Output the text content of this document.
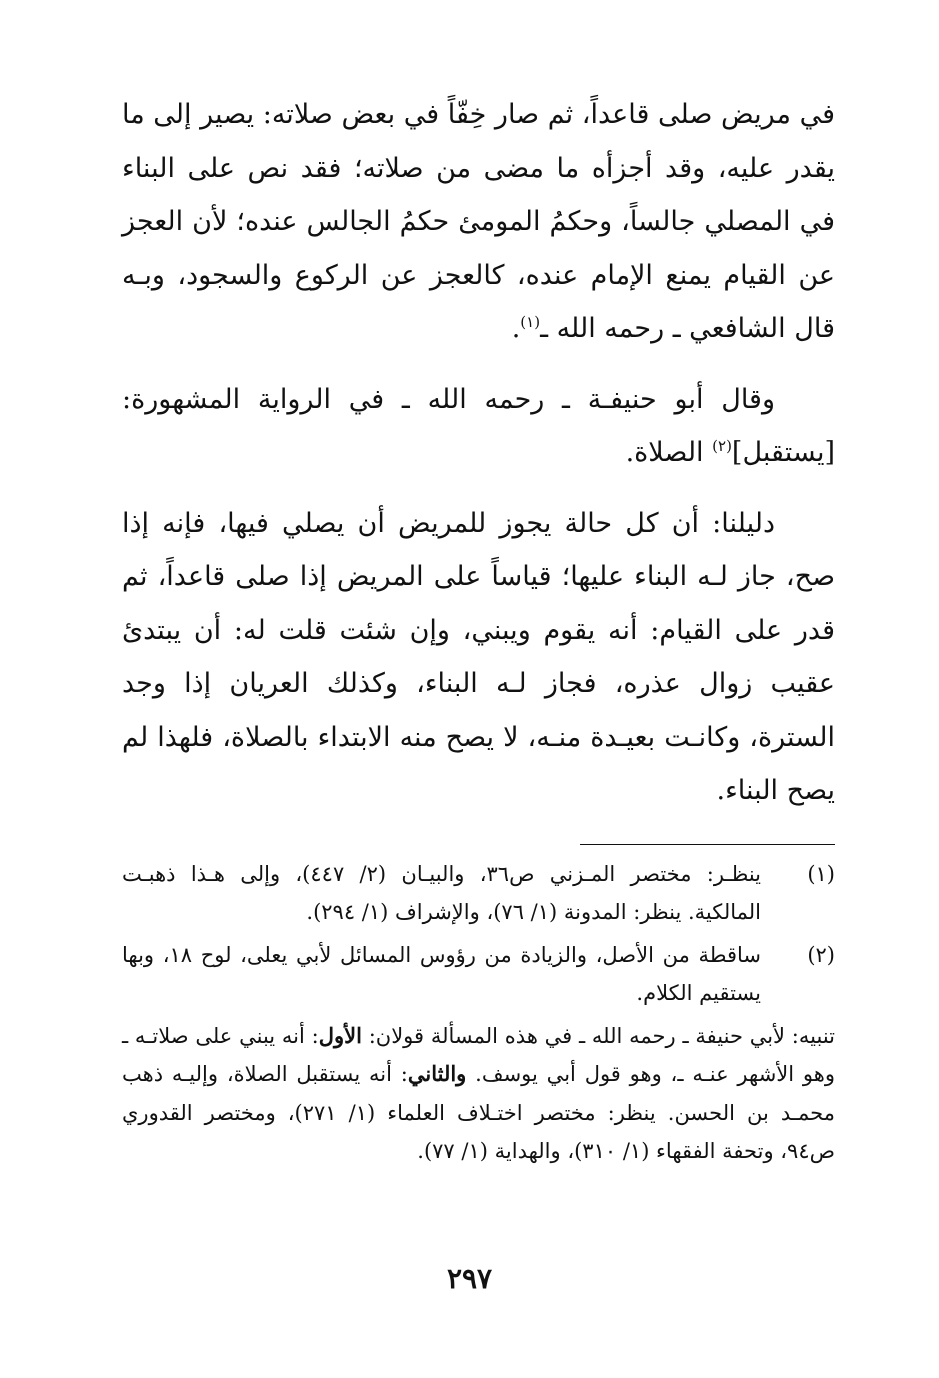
في مريض صلى قاعداً، ثم صار خِفّاً في بعض صلاته: يصير إلى ما يقدر عليه، وقد أجزأه ما مضى من صلاته؛ فقد نص على البناء في المصلي جالساً، وحكمُ المومئ حكمُ الجالس عنده؛ لأن العجز عن القيام يمنع الإمام عنده، كالعجز عن الركوع والسجود، وبـه قال الشافعي ـ رحمه الله ـ$^{(١)}$.

وقال أبو حنيفـة ـ رحمه الله ـ في الرواية المشهورة: [يستقبل]$^{(٢)}$ الصلاة.

دليلنا: أن كل حالة يجوز للمريض أن يصلي فيها، فإنه إذا صح، جاز لـه البناء عليها؛ قياساً على المريض إذا صلى قاعداً، ثم قدر على القيام: أنه يقوم ويبني، وإن شئت قلت له: أن يبتدئ عقيب زوال عذره، فجاز لـه البناء، وكذلك العريان إذا وجد السترة، وكانـت بعيـدة منـه، لا يصح منه الابتداء بالصلاة، فلهذا لم يصح البناء.

(١)
ينظـر: مختصر المـزني ص٣٦، والبيـان (٢/ ٤٤٧)، وإلى هـذا ذهبـت المالكية. ينظر: المدونة (١/ ٧٦)، والإشراف (١/ ٢٩٤).
(٢)
ساقطة من الأصل، والزيادة من رؤوس المسائل لأبي يعلى، لوح ١٨، وبها يستقيم الكلام.

تنبيه: لأبي حنيفة ـ رحمه الله ـ في هذه المسألة قولان: الأول: أنه يبني على صلاتـه ـ وهو الأشهر عنـه ـ، وهو قول أبي يوسف. والثاني: أنه يستقبل الصلاة، وإليـه ذهب محمـد بن الحسن. ينظر: مختصر اختـلاف العلماء (١/ ٢٧١)، ومختصر القدوري ص٩٤، وتحفة الفقهاء (١/ ٣١٠)، والهداية (١/ ٧٧).

٢٩٧
